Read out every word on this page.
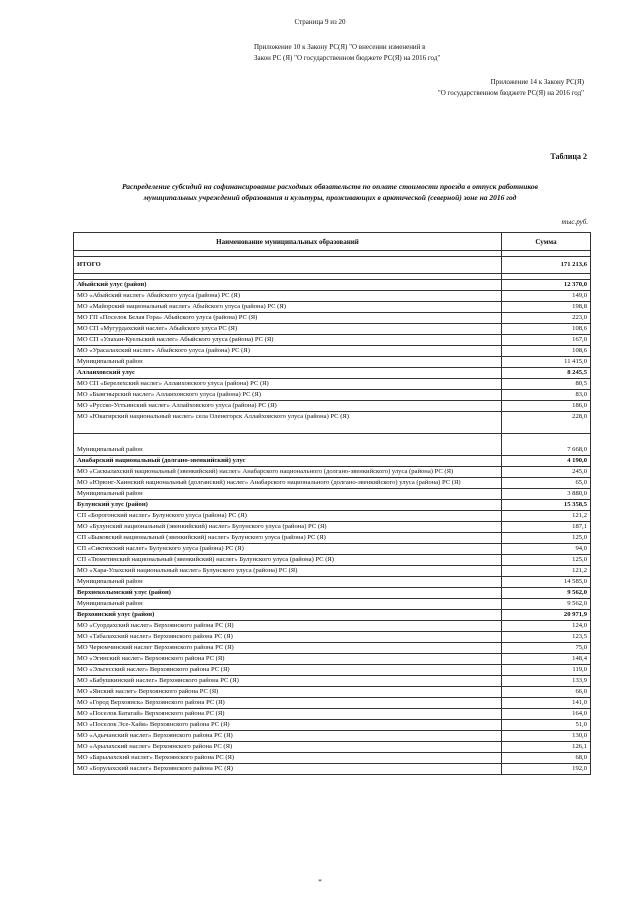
Страница 9 из 20
Приложение 10 к Закону РС(Я) "О внесении изменений в
Закон РС (Я) "О государственном бюджете РС(Я) на 2016 год"
Приложение 14 к Закону РС(Я)
"О государственном бюджете РС(Я) на 2016 год"
Таблица 2
Распределение субсидий на софинансирование расходных обязательств по оплате стоимости проезда в отпуск работников
муниципальных учреждений образования и культуры, проживающих в арктической (северной) зоне на 2016 год
тыс.руб.
Наименование муниципальных образований	Сумма

ИТОГО	171 213,6

Абыйский улус (район)	12 370,0
МО «Абыйский наслег» Абыйского улуса (района) РС (Я)	149,0
МО «Майорский национальный наслег» Абыйского улуса (района) РС (Я)	198,8
МО ГП «Поселок Белая Гора» Абыйского улуса (района) РС (Я)	223,0
МО СП «Мугурдахский наслег» Абыйского улуса РС (Я)	108,6
МО СП «Улахан-Куельский наслег» Абыйского улуса (района) РС (Я)	167,0
МО «Урасалахский наслег» Абыйского улуса (района) РС (Я)	108,6
Муниципальный район	11 415,0
Аллаиховский улус	8 245,5
МО СП «Берелехский наслег» Аллаиховского улуса (района) РС (Я)	80,5
МО «Быягнырский наслег» Аллаиховского улуса (района) РС (Я)	83,0
МО «Русско-Устьинский наслег» Аллайховского улуса (района) РС (Я)	186,0
МО «Юкагирский национальный наслег» села Оленегорск Аллайховского улуса (района) РС (Я)	228,0
Муниципальный район	7 668,0
Анабарский национальный (долгано-эвенкийский) улус	4 190,0
МО «Саскылахский национальный (эвенкийский) наслег» Анабарского национального (долгано-эвенкийского) улуса (района) РС (Я)	245,0
МО «Юрюнг-Хаинский национальный (долганский) наслег» Анабарского национального (долгано-эвенкийского) улуса (района) РС (Я)	65,0
Муниципальный район	3 880,0
Булунский улус (район)	15 358,5
СП «Борогонский наслег» Булунского улуса (района) РС (Я)	121,2
МО «Булунский национальный (эвенкийский) наслег» Булунского улуса (района) РС (Я)	187,1
СП «Быковский национальный (эвенкийский) наслег» Булунского улуса (района) РС (Я)	125,0
СП «Сиктяхский наслег» Булунского улуса (района) РС (Я)	94,0
СП «Тюметинский национальный (эвенкийский) наслег» Булунского улуса (района) РС (Я)	125,0
МО «Хара-Улахский национальный наслег» Булунского улуса (района) РС (Я)	121,2
Муниципальный район	14 585,0
Верхнеколымский улус (район)	9 562,0
Муниципальный район	9 562,0
Верхоянский улус (район)	20 971,9
МО «Суордахский наслег» Верхоянского района РС (Я)	124,0
МО «Табалахский наслег» Верхоянского района РС (Я)	123,5
МО Черюмчинский наслег Верхоянского района РС (Я)	75,0
МО «Эгинский наслег» Верхоянского района РС (Я)	148,4
МО «Эльгесский наслег» Верхоянского района РС (Я)	119,0
МО «Бабушкинский наслег» Верхоянского района РС (Я)	133,9
МО «Янский наслег» Верхоянского района РС (Я)	66,0
МО «Город Верхоянск» Верхоянского района РС (Я)	141,0
МО «Поселок Батагай» Верхоянского района РС (Я)	164,0
МО «Поселок Эсе-Хайя» Верхоянского района РС (Я)	51,0
МО «Адычанский наслег» Верхоянского района РС (Я)	130,0
МО «Арылахский наслег» Верхоянского района РС (Я)	126,1
МО «Барылахский наслег» Верхоянского района РС (Я)	68,0
МО «Борулахский наслег» Верхоянского района РС (Я)	192,0
*
